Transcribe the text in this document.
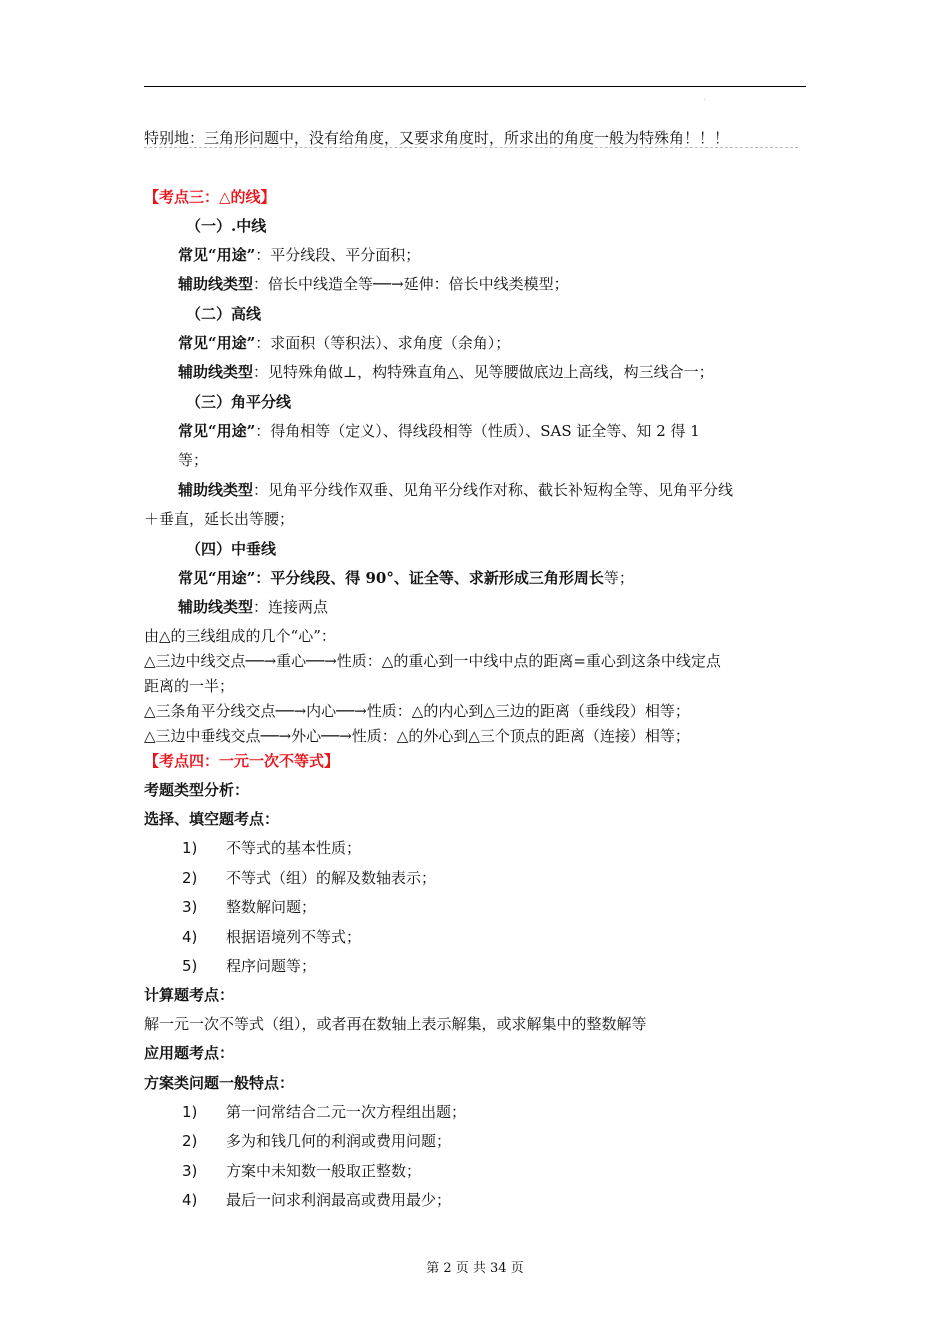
.
特别地：三角形问题中，没有给角度，又要求角度时，所求出的角度一般为特殊角！！！
【考点三：△的线】
（一）.中线
常见“用途”：平分线段、平分面积；
辅助线类型：倍长中线造全等──→延伸：倍长中线类模型；
（二）高线
常见“用途”：求面积（等积法）、求角度（余角）；
辅助线类型：见特殊角做⊥，构特殊直角△、见等腰做底边上高线，构三线合一；
（三）角平分线
常见“用途”：得角相等（定义）、得线段相等（性质）、SAS 证全等、知 2 得 1
等；
辅助线类型：见角平分线作双垂、见角平分线作对称、截长补短构全等、见角平分线
＋垂直，延长出等腰；
（四）中垂线
常见“用途”：平分线段、得 90°、证全等、求新形成三角形周长等；
辅助线类型：连接两点
由△的三线组成的几个“心”：
△三边中线交点──→重心──→性质：△的重心到一中线中点的距离=重心到这条中线定点
距离的一半；
△三条角平分线交点──→内心──→性质：△的内心到△三边的距离（垂线段）相等；
△三边中垂线交点──→外心──→性质：△的外心到△三个顶点的距离（连接）相等；
【考点四：一元一次不等式】
考题类型分析：
选择、填空题考点：
1) 不等式的基本性质；
2) 不等式（组）的解及数轴表示；
3) 整数解问题；
4) 根据语境列不等式；
5) 程序问题等；
计算题考点：
解一元一次不等式（组），或者再在数轴上表示解集，或求解集中的整数解等
应用题考点：
方案类问题一般特点：
1) 第一问常结合二元一次方程组出题；
2) 多为和钱几何的利润或费用问题；
3) 方案中未知数一般取正整数；
4) 最后一问求利润最高或费用最少；
第 2 页 共 34 页
